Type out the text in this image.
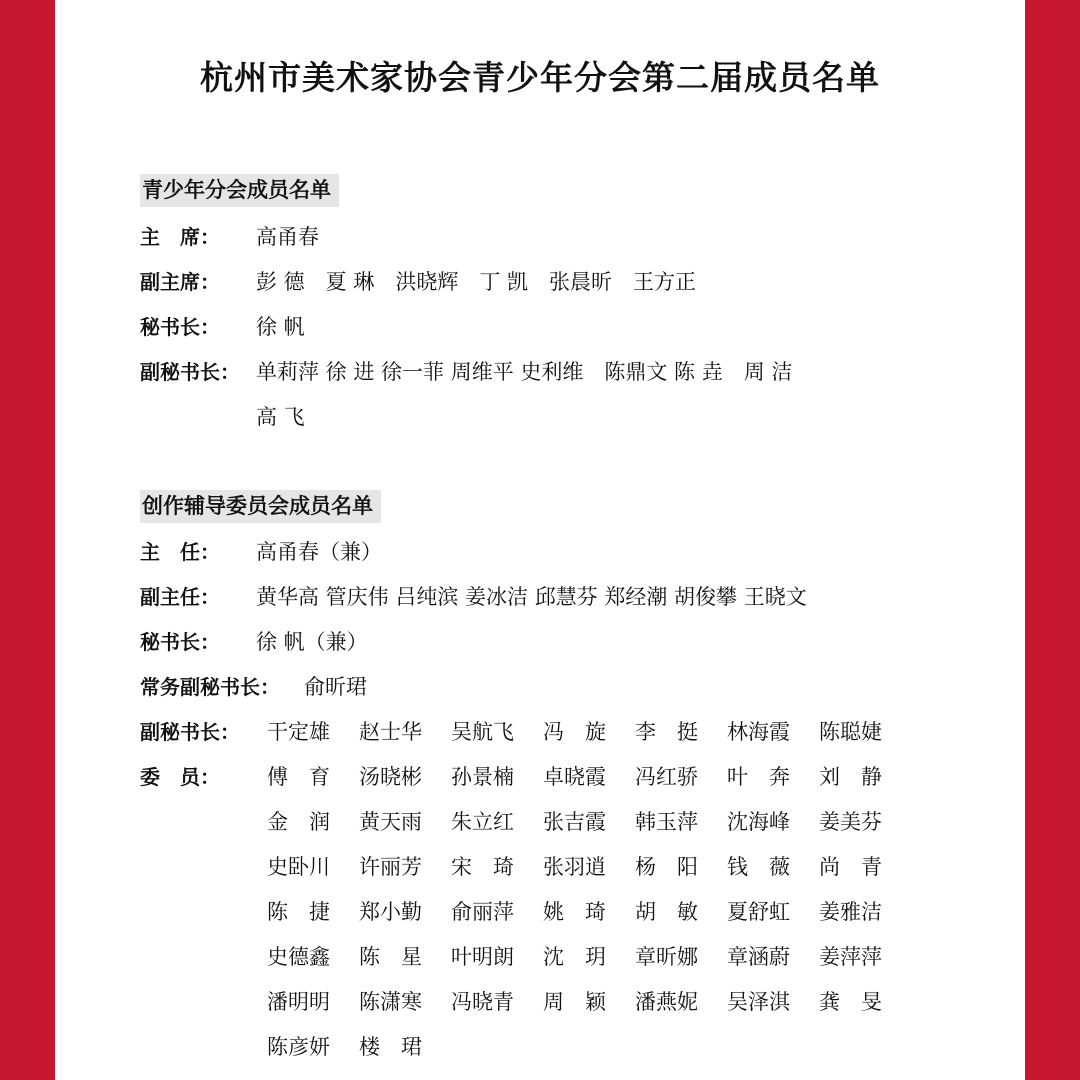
杭州市美术家协会青少年分会第二届成员名单
青少年分会成员名单
主　席： 高甬春
副主席： 彭 德　夏 琳　洪晓辉　丁 凯　张晨昕　王方正
秘书长： 徐 帆
副秘书长： 单莉萍 徐 进 徐一菲 周维平 史利维　陈鼎文 陈 垚　周 洁
高 飞
创作辅导委员会成员名单
主　任： 高甬春（兼）
副主任： 黄华高 管庆伟 吕纯滨 姜冰洁 邱慧芬 郑经潮 胡俊攀 王晓文
秘书长： 徐 帆（兼）
常务副秘书长： 俞昕珺
副秘书长： 干定雄	赵士华	吴航飞	冯　旋	李　挺	林海霞	陈聪婕
委　员： 傅　育	汤晓彬	孙景楠	卓晓霞	冯红骄	叶　奔	刘　静
金　润	黄天雨	朱立红	张吉霞	韩玉萍	沈海峰	姜美芬
史卧川	许丽芳	宋　琦	张羽逍	杨　阳	钱　薇	尚　青
陈　捷	郑小勤	俞丽萍	姚　琦	胡　敏	夏舒虹	姜雅洁
史德鑫	陈　星	叶明朗	沈　玥	章昕娜	章涵蔚	姜萍萍
潘明明	陈潇寒	冯晓青	周　颖	潘燕妮	吴泽淇	龚　旻
陈彦妍	楼　珺
